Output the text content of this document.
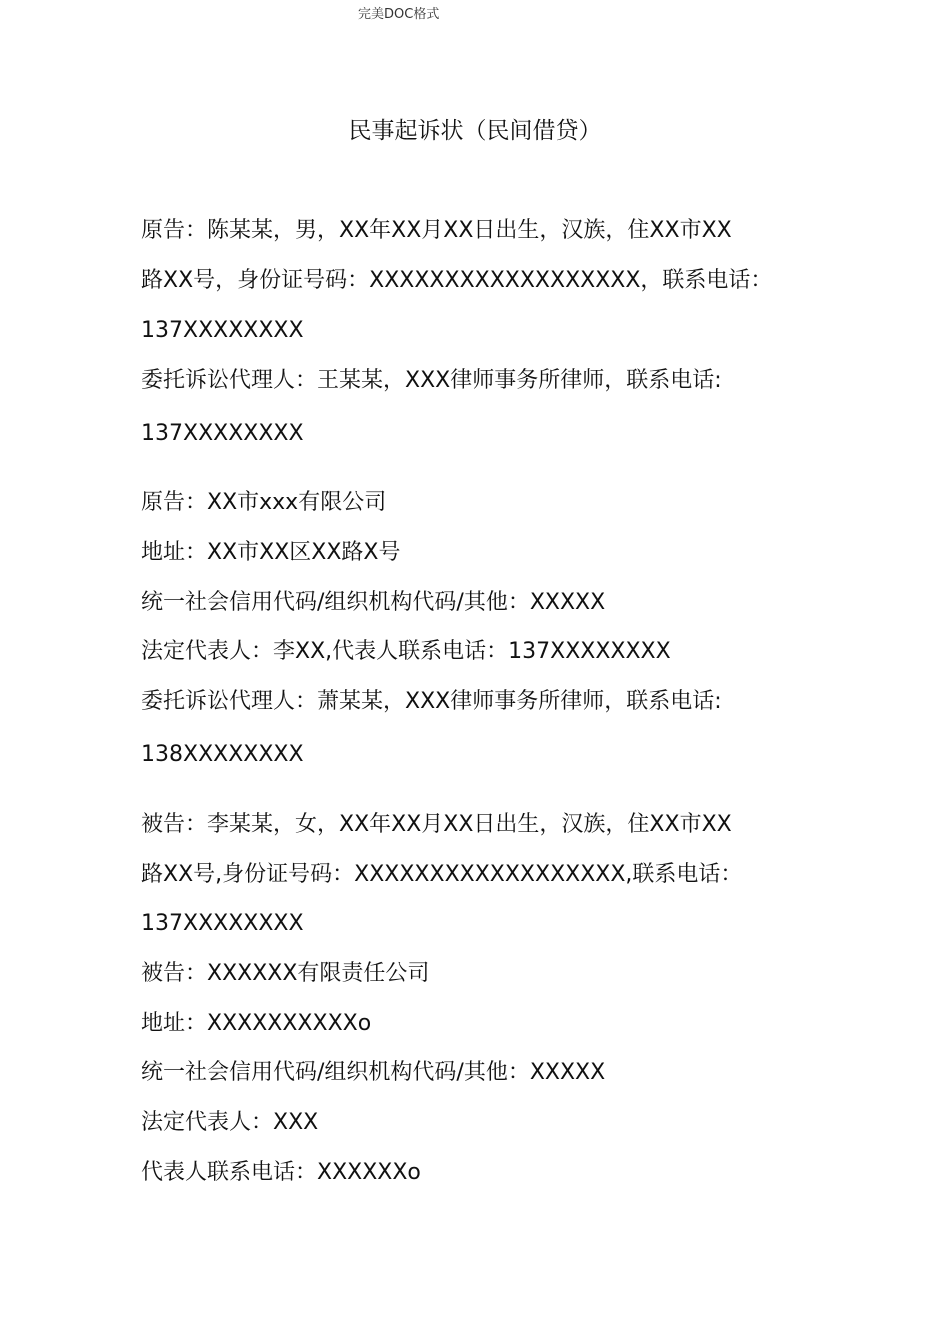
完美DOC格式
民事起诉状（民间借贷）
原告：陈某某，男，XX年XX月XX日出生，汉族，住XX市XX
路XX号，身份证号码：XXXXXXXXXXXXXXXXXX，联系电话：
137XXXXXXXX
委托诉讼代理人：王某某，XXX律师事务所律师，联系电话:
137XXXXXXXX
原告：XX市xxx有限公司
地址：XX市XX区XX路X号
统一社会信用代码/组织机构代码/其他：XXXXX
法定代表人：李XX,代表人联系电话：137XXXXXXXX
委托诉讼代理人：萧某某，XXX律师事务所律师，联系电话:
138XXXXXXXX
被告：李某某，女，XX年XX月XX日出生，汉族，住XX市XX
路XX号,身份证号码：XXXXXXXXXXXXXXXXXX,联系电话：
137XXXXXXXX
被告：XXXXXX有限责任公司
地址：XXXXXXXXXXo
统一社会信用代码/组织机构代码/其他：XXXXX
法定代表人：XXX
代表人联系电话：XXXXXXo
